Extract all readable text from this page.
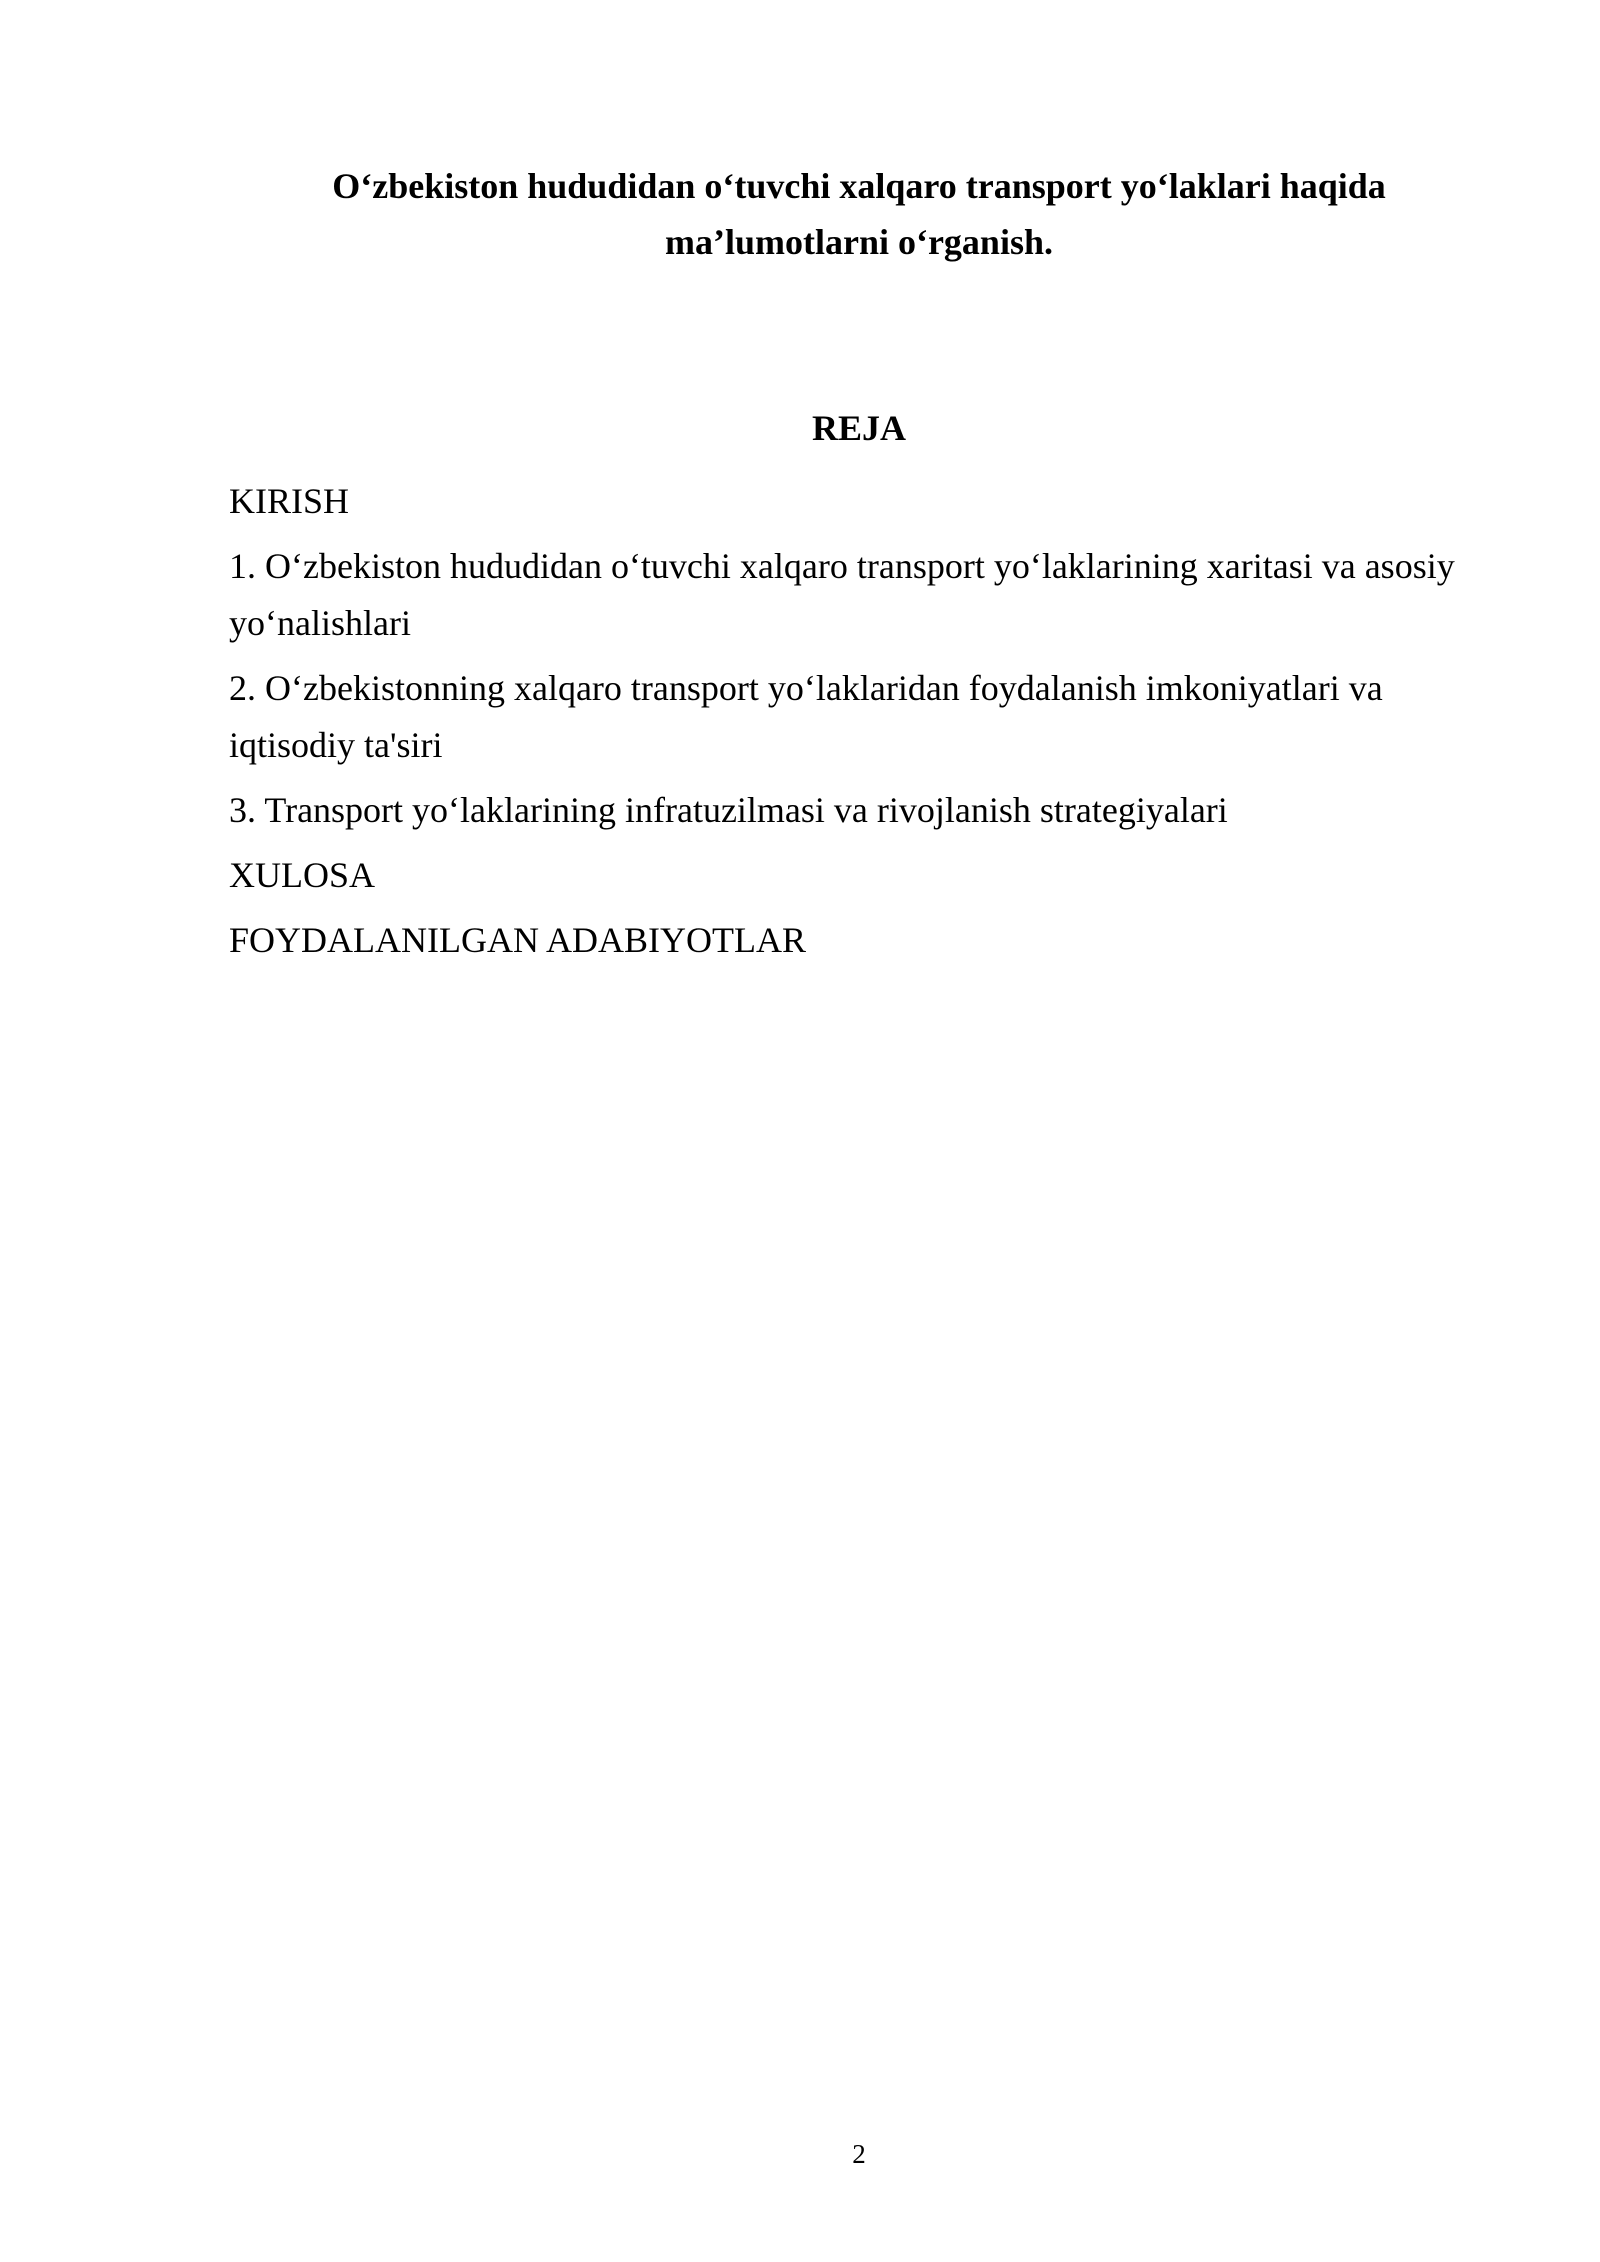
O‘zbekiston hududidan o‘tuvchi xalqaro transport yo‘laklari haqida ma’lumotlarni o‘rganish.
REJA
KIRISH
1. O‘zbekiston hududidan o‘tuvchi xalqaro transport yo‘laklarining xaritasi va asosiy yo‘nalishlari
2. O‘zbekistonning xalqaro transport yo‘laklaridan foydalanish imkoniyatlari va iqtisodiy ta'siri
3. Transport yo‘laklarining infratuzilmasi va rivojlanish strategiyalari
XULOSA
FOYDALANILGAN ADABIYOTLAR
2
